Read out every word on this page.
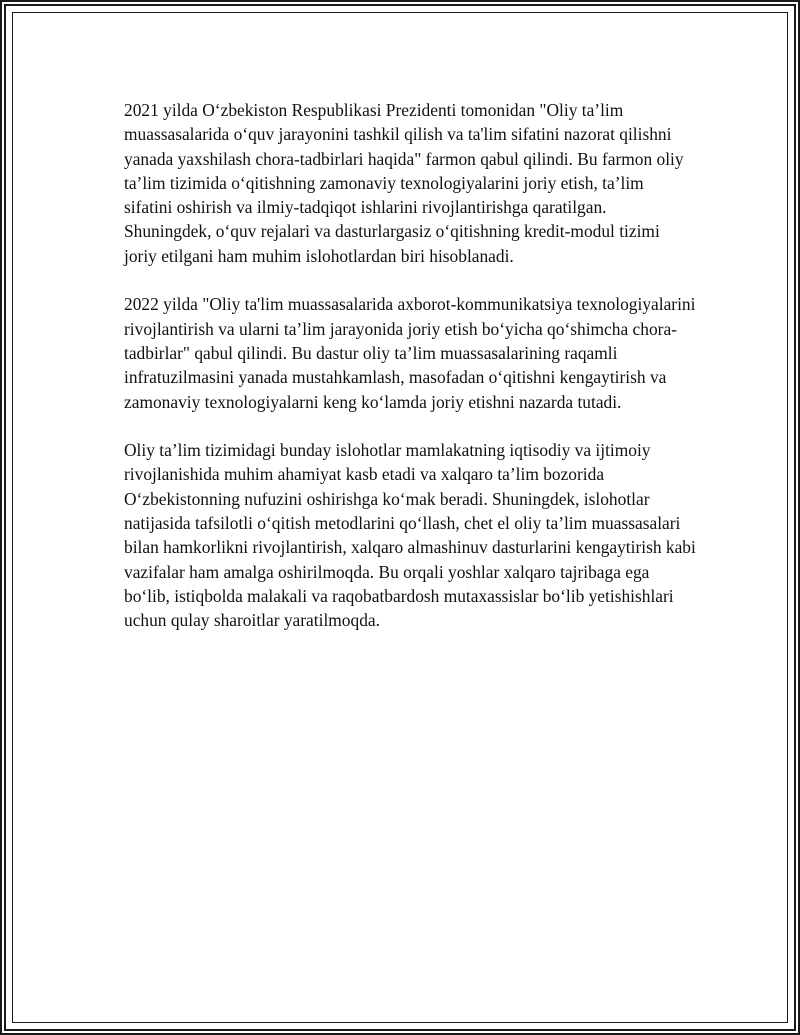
2021 yilda O‘zbekiston Respublikasi Prezidenti tomonidan "Oliy ta’lim muassasalarida o‘quv jarayonini tashkil qilish va ta'lim sifatini nazorat qilishni yanada yaxshilash chora-tadbirlari haqida" farmon qabul qilindi. Bu farmon oliy ta’lim tizimida o‘qitishning zamonaviy texnologiyalarini joriy etish, ta’lim sifatini oshirish va ilmiy-tadqiqot ishlarini rivojlantirishga qaratilgan. Shuningdek, o‘quv rejalari va dasturlargasiz o‘qitishning kredit-modul tizimi joriy etilgani ham muhim islohotlardan biri hisoblanadi.

2022 yilda "Oliy ta'lim muassasalarida axborot-kommunikatsiya texnologiyalarini rivojlantirish va ularni ta’lim jarayonida joriy etish bo‘yicha qo‘shimcha chora-tadbirlar" qabul qilindi. Bu dastur oliy ta’lim muassasalarining raqamli infratuzilmasini yanada mustahkamlash, masofadan o‘qitishni kengaytirish va zamonaviy texnologiyalarni keng ko‘lamda joriy etishni nazarda tutadi.

Oliy ta’lim tizimidagi bunday islohotlar mamlakatning iqtisodiy va ijtimoiy rivojlanishida muhim ahamiyat kasb etadi va xalqaro ta’lim bozorida O‘zbekistonning nufuzini oshirishga ko‘mak beradi. Shuningdek, islohotlar natijasida tafsilotli o‘qitish metodlarini qo‘llash, chet el oliy ta’lim muassasalari bilan hamkorlikni rivojlantirish, xalqaro almashinuv dasturlarini kengaytirish kabi vazifalar ham amalga oshirilmoqda. Bu orqali yoshlar xalqaro tajribaga ega bo‘lib, istiqbolda malakali va raqobatbardosh mutaxassislar bo‘lib yetishishlari uchun qulay sharoitlar yaratilmoqda.
